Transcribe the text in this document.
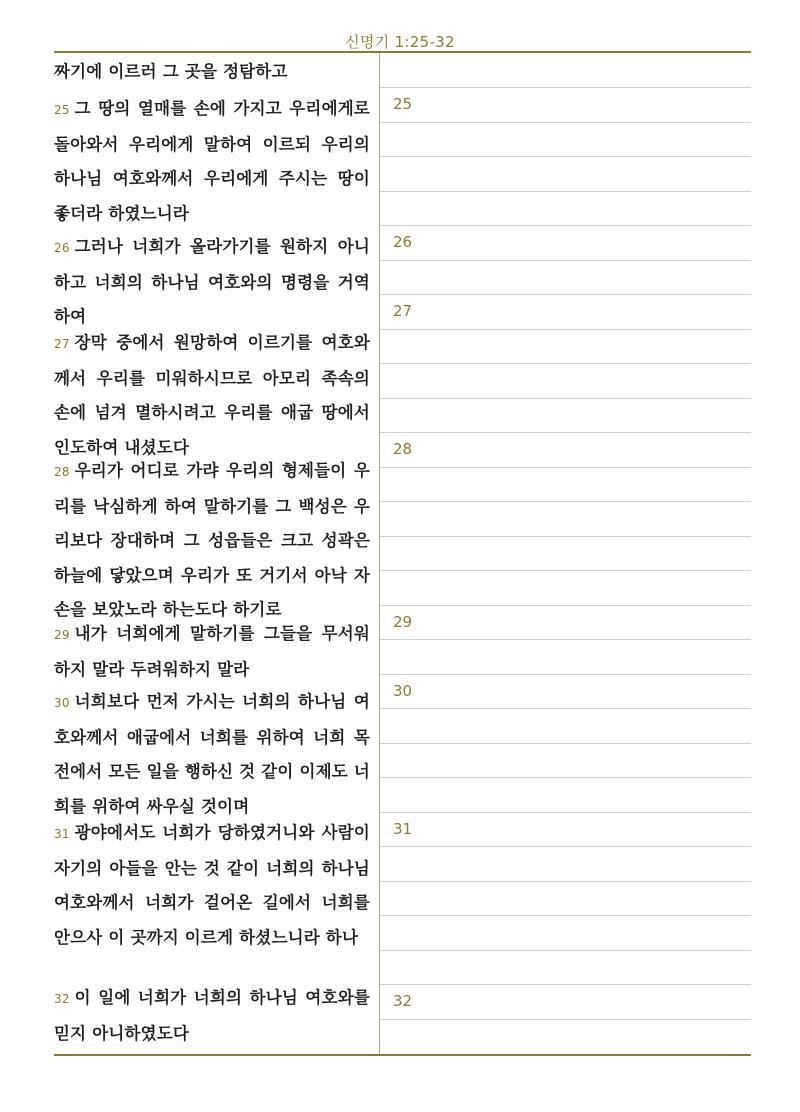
신명기 1:25-32
짜기에 이르러 그 곳을 정탐하고
25 그 땅의 열매를 손에 가지고 우리에게로 돌아와서 우리에게 말하여 이르되 우리의 하나님 여호와께서 우리에게 주시는 땅이 좋더라 하였느니라
26 그러나 너희가 올라가기를 원하지 아니하고 너희의 하나님 여호와의 명령을 거역하여
27 장막 중에서 원망하여 이르기를 여호와께서 우리를 미워하시므로 아모리 족속의 손에 넘겨 멸하시려고 우리를 애굽 땅에서 인도하여 내셨도다
28 우리가 어디로 가랴 우리의 형제들이 우리를 낙심하게 하여 말하기를 그 백성은 우리보다 장대하며 그 성읍들은 크고 성곽은 하늘에 닿았으며 우리가 또 거기서 아낙 자손을 보았노라 하는도다 하기로
29 내가 너희에게 말하기를 그들을 무서워하지 말라 두려워하지 말라
30 너희보다 먼저 가시는 너희의 하나님 여호와께서 애굽에서 너희를 위하여 너희 목전에서 모든 일을 행하신 것 같이 이제도 너희를 위하여 싸우실 것이며
31 광야에서도 너희가 당하였거니와 사람이 자기의 아들을 안는 것 같이 너희의 하나님 여호와께서 너희가 걸어온 길에서 너희를 안으사 이 곳까지 이르게 하셨느니라 하나
32 이 일에 너희가 너희의 하나님 여호와를 믿지 아니하였도다
25
26
27
28
29
30
31
32
